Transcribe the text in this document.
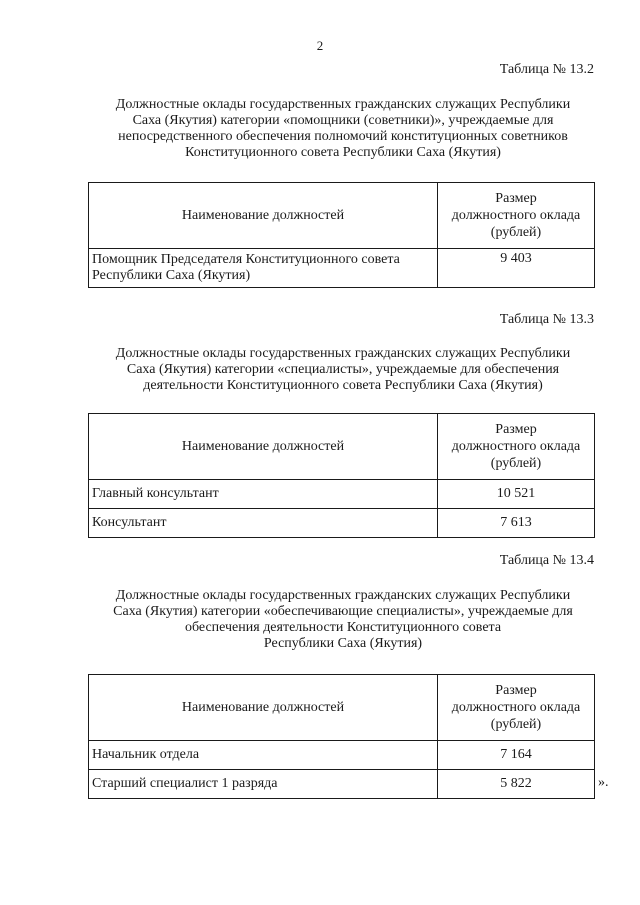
2
Таблица № 13.2
Должностные оклады государственных гражданских служащих Республики
Саха (Якутия) категории «помощники (советники)», учреждаемые для
непосредственного обеспечения полномочий конституционных советников
Конституционного совета Республики Саха (Якутия)
Наименование должностей	Размер
должностного оклада
(рублей)

Помощник Председателя Конституционного совета
Республики Саха (Якутия)	9 403
Таблица № 13.3
Должностные оклады государственных гражданских служащих Республики
Саха (Якутия) категории «специалисты», учреждаемые для обеспечения
деятельности Конституционного совета Республики Саха (Якутия)
Наименование должностей	Размер
должностного оклада
(рублей)

Главный консультант	10 521
Консультант	7 613
Таблица № 13.4
Должностные оклады государственных гражданских служащих Республики
Саха (Якутия) категории «обеспечивающие специалисты», учреждаемые для
обеспечения деятельности Конституционного совета
Республики Саха (Якутия)
Наименование должностей	Размер
должностного оклада
(рублей)

Начальник отдела	7 164
Старший специалист 1 разряда	5 822	».
